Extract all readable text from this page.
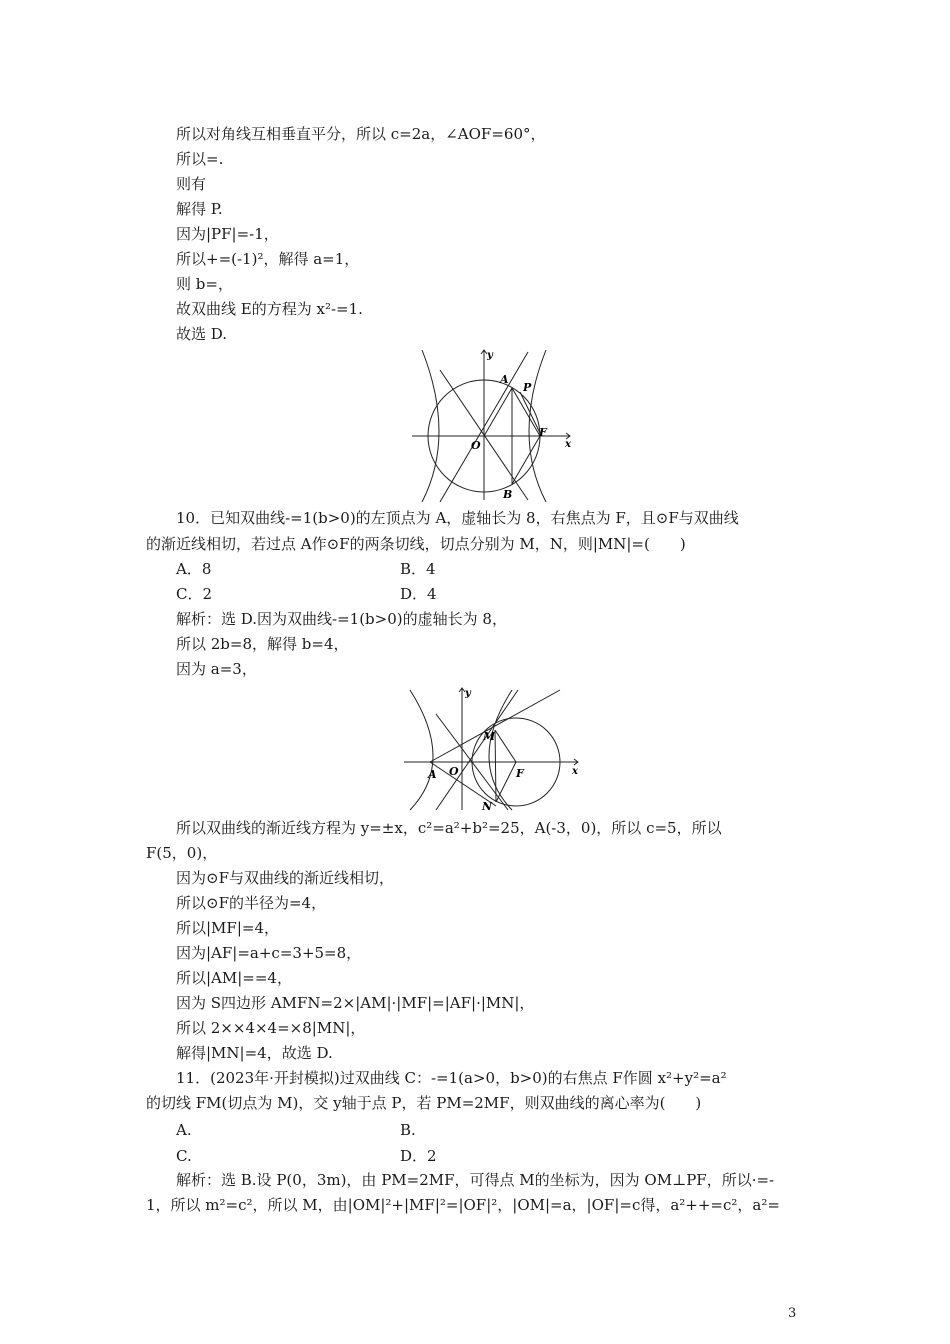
所以对角线互相垂直平分，所以 c=2a，∠AOF=60°，
所以=.
则有
解得 P.
因为|PF|=-1，
所以+=(-1)²，解得 a=1，
则 b=，
故双曲线 E的方程为 x²-=1.
故选 D.
y
x
O
A
P
F
B
10．已知双曲线-=1(b>0)的左顶点为 A，虚轴长为 8，右焦点为 F，且⊙F与双曲线
的渐近线相切，若过点 A作⊙F的两条切线，切点分别为 M，N，则|MN|=(　　)
A．8	B．4
C．2	D．4
解析：选 D.因为双曲线-=1(b>0)的虚轴长为 8，
所以 2b=8，解得 b=4，
因为 a=3，
y
x
O
A
M
N
F
所以双曲线的渐近线方程为 y=±x，c²=a²+b²=25，A(-3，0)，所以 c=5，所以
F(5，0)，
因为⊙F与双曲线的渐近线相切，
所以⊙F的半径为=4，
所以|MF|=4，
因为|AF|=a+c=3+5=8，
所以|AM|==4，
因为 S四边形 AMFN=2×|AM|·|MF|=|AF|·|MN|，
所以 2××4×4=×8|MN|，
解得|MN|=4，故选 D.
11．(2023年·开封模拟)过双曲线 C：-=1(a>0，b>0)的右焦点 F作圆 x²+y²=a²
的切线 FM(切点为 M)，交 y轴于点 P，若 PM=2MF，则双曲线的离心率为(　　)
A.	B.
C.	D．2
解析：选 B.设 P(0，3m)，由 PM=2MF，可得点 M的坐标为，因为 OM⊥PF，所以·=-
1，所以 m²=c²，所以 M，由|OM|²+|MF|²=|OF|²，|OM|=a，|OF|=c得，a²++=c²，a²=
3
